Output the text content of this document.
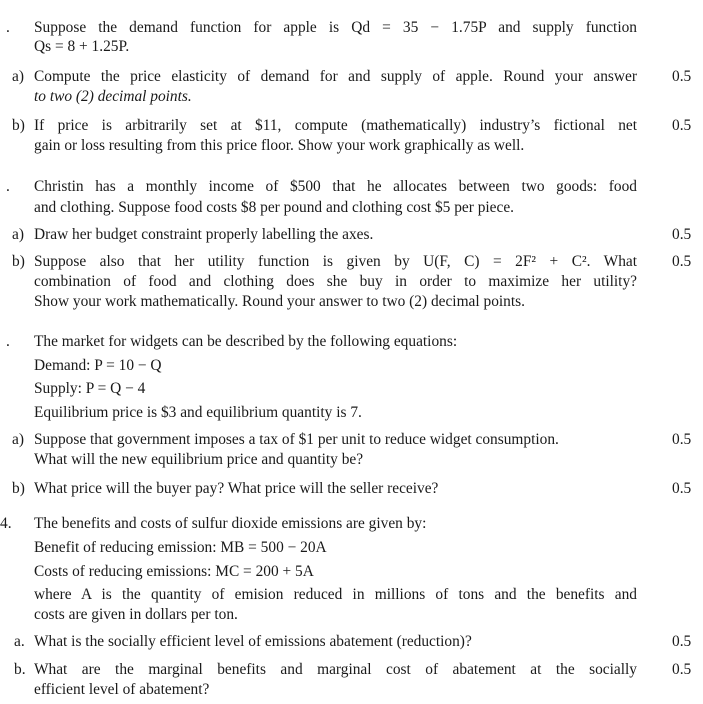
. Suppose the demand function for apple is Qd = 35 − 1.75P and supply function
Qs = 8 + 1.25P.
a) Compute the price elasticity of demand for and supply of apple. Round your answer
to two (2) decimal points.
0.5
b) If price is arbitrarily set at $11, compute (mathematically) industry’s fictional net
gain or loss resulting from this price floor. Show your work graphically as well.
0.5
. Christin has a monthly income of $500 that he allocates between two goods: food
and clothing. Suppose food costs $8 per pound and clothing cost $5 per piece.
a) Draw her budget constraint properly labelling the axes.	0.5
b) Suppose also that her utility function is given by U(F, C) = 2F² + C². What
combination of food and clothing does she buy in order to maximize her utility?
Show your work mathematically. Round your answer to two (2) decimal points.
0.5
. The market for widgets can be described by the following equations:
Demand: P = 10 − Q
Supply: P = Q − 4
Equilibrium price is $3 and equilibrium quantity is 7.
a) Suppose that government imposes a tax of $1 per unit to reduce widget consumption.
What will the new equilibrium price and quantity be?
0.5
b) What price will the buyer pay? What price will the seller receive?	0.5
4. The benefits and costs of sulfur dioxide emissions are given by:
Benefit of reducing emission: MB = 500 − 20A
Costs of reducing emissions: MC = 200 + 5A
where A is the quantity of emision reduced in millions of tons and the benefits and
costs are given in dollars per ton.
a. What is the socially efficient level of emissions abatement (reduction)?	0.5
b. What are the marginal benefits and marginal cost of abatement at the socially
efficient level of abatement?
0.5
